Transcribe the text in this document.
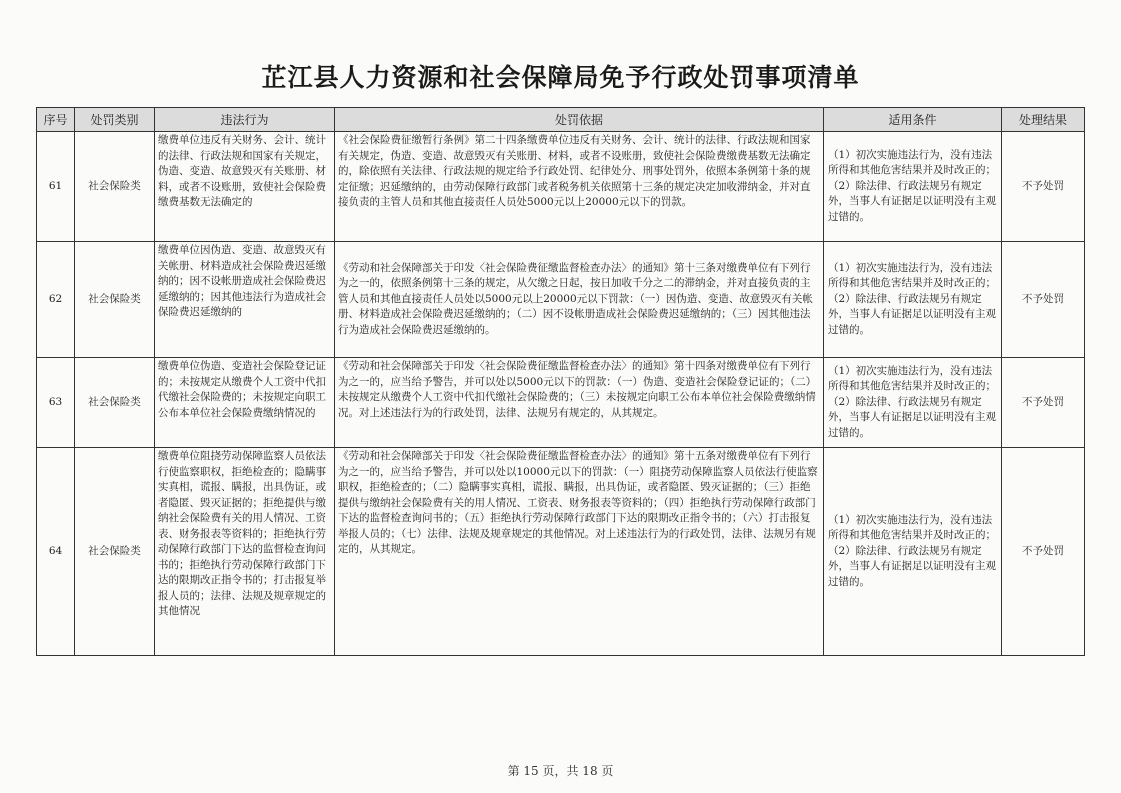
芷江县人力资源和社会保障局免予行政处罚事项清单
序号	处罚类别	违法行为	处罚依据	适用条件	处理结果
61	社会保险类	缴费单位违反有关财务、会计、统计的法律、行政法规和国家有关规定，伪造、变造、故意毁灭有关账册、材料，或者不设账册，致使社会保险费缴费基数无法确定的	《社会保险费征缴暂行条例》第二十四条缴费单位违反有关财务、会计、统计的法律、行政法规和国家有关规定，伪造、变造、故意毁灭有关账册、材料，或者不设账册，致使社会保险费缴费基数无法确定的，除依照有关法律、行政法规的规定给予行政处罚、纪律处分、刑事处罚外，依照本条例第十条的规定征缴；迟延缴纳的，由劳动保障行政部门或者税务机关依照第十三条的规定决定加收滞纳金，并对直接负责的主管人员和其他直接责任人员处5000元以上20000元以下的罚款。	（1）初次实施违法行为，没有违法所得和其他危害结果并及时改正的；（2）除法律、行政法规另有规定外，当事人有证据足以证明没有主观过错的。	不予处罚
62	社会保险类	缴费单位因伪造、变造、故意毁灭有关帐册、材料造成社会保险费迟延缴纳的；因不设帐册造成社会保险费迟延缴纳的；因其他违法行为造成社会保险费迟延缴纳的	《劳动和社会保障部关于印发〈社会保险费征缴监督检查办法〉的通知》第十三条对缴费单位有下列行为之一的，依照条例第十三条的规定，从欠缴之日起，按日加收千分之二的滞纳金，并对直接负责的主管人员和其他直接责任人员处以5000元以上20000元以下罚款：（一）因伪造、变造、故意毁灭有关帐册、材料造成社会保险费迟延缴纳的；（二）因不设帐册造成社会保险费迟延缴纳的；（三）因其他违法行为造成社会保险费迟延缴纳的。	（1）初次实施违法行为，没有违法所得和其他危害结果并及时改正的；（2）除法律、行政法规另有规定外，当事人有证据足以证明没有主观过错的。	不予处罚
63	社会保险类	缴费单位伪造、变造社会保险登记证的；未按规定从缴费个人工资中代扣代缴社会保险费的；未按规定向职工公布本单位社会保险费缴纳情况的	《劳动和社会保障部关于印发〈社会保险费征缴监督检查办法〉的通知》第十四条对缴费单位有下列行为之一的，应当给予警告，并可以处以5000元以下的罚款：（一）伪造、变造社会保险登记证的；（二）未按规定从缴费个人工资中代扣代缴社会保险费的；（三）未按规定向职工公布本单位社会保险费缴纳情况。对上述违法行为的行政处罚，法律、法规另有规定的，从其规定。	（1）初次实施违法行为，没有违法所得和其他危害结果并及时改正的；（2）除法律、行政法规另有规定外，当事人有证据足以证明没有主观过错的。	不予处罚
64	社会保险类	缴费单位阻挠劳动保障监察人员依法行使监察职权，拒绝检查的；隐瞒事实真相，谎报、瞒报，出具伪证，或者隐匿、毁灭证据的；拒绝提供与缴纳社会保险费有关的用人情况、工资表、财务报表等资料的；拒绝执行劳动保障行政部门下达的监督检查询问书的；拒绝执行劳动保障行政部门下达的限期改正指令书的；打击报复举报人员的；法律、法规及规章规定的其他情况	《劳动和社会保障部关于印发〈社会保险费征缴监督检查办法〉的通知》第十五条对缴费单位有下列行为之一的，应当给予警告，并可以处以10000元以下的罚款：（一）阻挠劳动保障监察人员依法行使监察职权，拒绝检查的；（二）隐瞒事实真相，谎报、瞒报，出具伪证，或者隐匿、毁灭证据的；（三）拒绝提供与缴纳社会保险费有关的用人情况、工资表、财务报表等资料的；（四）拒绝执行劳动保障行政部门下达的监督检查询问书的；（五）拒绝执行劳动保障行政部门下达的限期改正指令书的；（六）打击报复举报人员的；（七）法律、法规及规章规定的其他情况。对上述违法行为的行政处罚，法律、法规另有规定的，从其规定。	（1）初次实施违法行为，没有违法所得和其他危害结果并及时改正的；（2）除法律、行政法规另有规定外，当事人有证据足以证明没有主观过错的。	不予处罚
第 15 页，共 18 页
